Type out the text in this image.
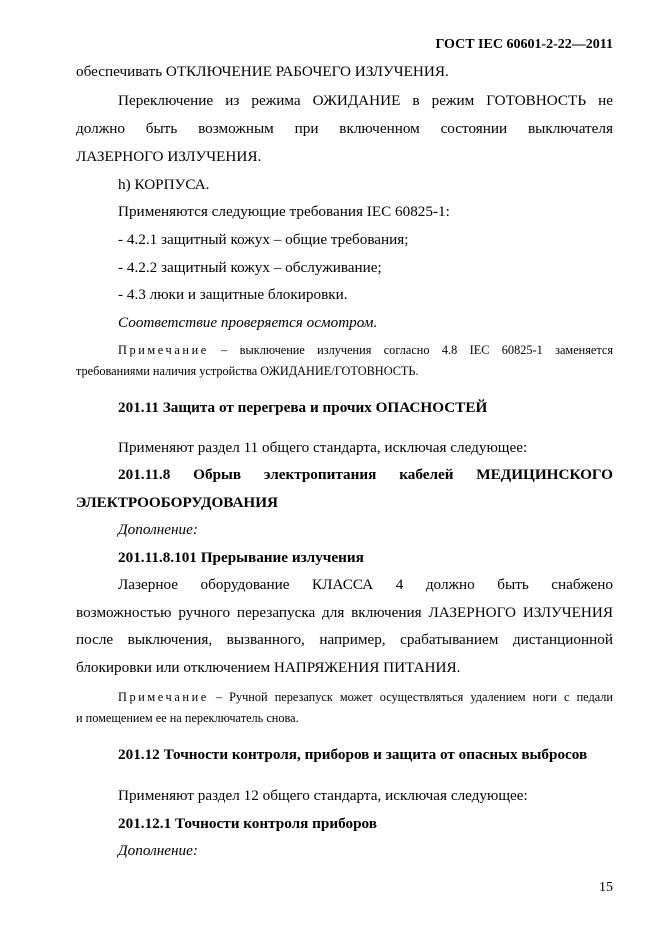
ГОСТ IEC 60601-2-22—2011
обеспечивать ОТКЛЮЧЕНИЕ РАБОЧЕГО ИЗЛУЧЕНИЯ.
Переключение из режима ОЖИДАНИЕ в режим ГОТОВНОСТЬ не
должно быть возможным при включенном состоянии выключателя
ЛАЗЕРНОГО ИЗЛУЧЕНИЯ.
h) КОРПУСА.
Применяются следующие требования IEC 60825-1:
- 4.2.1 защитный кожух – общие требования;
- 4.2.2 защитный кожух – обслуживание;
- 4.3 люки и защитные блокировки.
Соответствие проверяется осмотром.
Примечание – выключение излучения согласно 4.8 IEC 60825-1 заменяется
требованиями наличия устройства ОЖИДАНИЕ/ГОТОВНОСТЬ.
201.11 Защита от перегрева и прочих ОПАСНОСТЕЙ
Применяют раздел 11 общего стандарта, исключая следующее:
201.11.8 Обрыв электропитания кабелей МЕДИЦИНСКОГО
ЭЛЕКТРООБОРУДОВАНИЯ
Дополнение:
201.11.8.101 Прерывание излучения
Лазерное оборудование КЛАССА 4 должно быть снабжено
возможностью ручного перезапуска для включения ЛАЗЕРНОГО ИЗЛУЧЕНИЯ
после выключения, вызванного, например, срабатыванием дистанционной
блокировки или отключением НАПРЯЖЕНИЯ ПИТАНИЯ.
Примечание – Ручной перезапуск может осуществляться удалением ноги с педали
и помещением ее на переключатель снова.
201.12 Точности контроля, приборов и защита от опасных выбросов
Применяют раздел 12 общего стандарта, исключая следующее:
201.12.1 Точности контроля приборов
Дополнение:
15
